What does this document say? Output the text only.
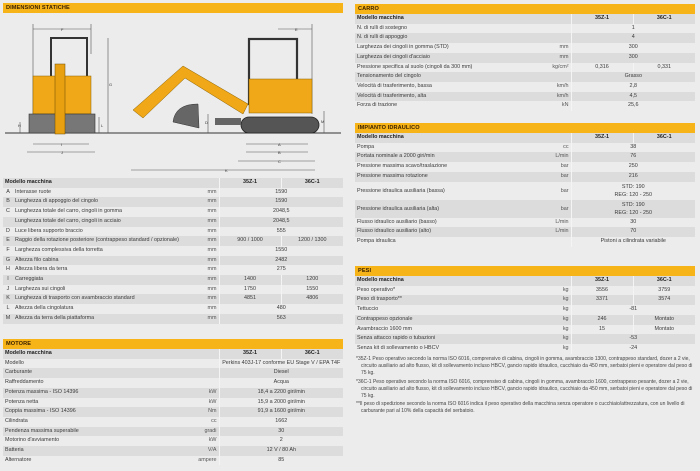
DIMENSIONI STATICHE
F
G
H	L
I
J
E
D	M
A
B
C
K
Modello macchina			35Z-1	36C-1
A	Interasse ruote	mm	1590	
B	Lunghezza di appoggio del cingolo	mm	1590	
C	Lunghezza totale del carro, cingoli in gomma	mm	2048,5	
	Lunghezza totale del carro, cingoli in acciaio	mm	2048,5	
D	Luce libera supporto braccio	mm	555	
E	Raggio della rotazione posteriore (contrappeso standard / opzionale)	mm	900 / 1000	1200 / 1300
F	Larghezza complessiva della torretta	mm	1550	
G	Altezza filo cabina	mm	2482	
H	Altezza libera da terra	mm	275	
I	Carreggiata	mm	1400	1200
J	Larghezza sui cingoli	mm	1750	1550
K	Lunghezza di trasporto con avambraccio standard	mm	4851	4806
L	Altezza della cingolatura	mm	480	
M	Altezza da terra della piattaforma	mm	563	
MOTORE
Modello macchina		35Z-1	36C-1
Modello		Perkins 403J-17 conforme EU Stage V / EPA T4F	
Carburante		Diesel	
Raffreddamento		Acqua	
Potenza massima - ISO 14396	kW	18,4 a 2200 giri/min	
Potenza netta	kW	15,9 a 2000 giri/min	
Coppia massima - ISO 14396	Nm	91,9 a 1600 giri/min	
Cilindrata	cc	1662	
Pendenza massima superabile	gradi	30	
Motorino d'avviamento	kW	2	
Batteria	V/A	12 V / 80 Ah	
Alternatore	ampere	85	
CARRO
Modello macchina		35Z-1	36C-1
N. di rulli di sostegno		1	
N. di rulli di appoggio		4	
Larghezza dei cingoli in gomma (STD)	mm	300	
Larghezza dei cingoli d'acciaio	mm	300	
Pressione specifica al suolo (cingoli da 300 mm)	kg/cm²	0,316	0,331
Tensionamento del cingolo		Grasso	
Velocità di trasferimento, bassa	km/h	2,8	
Velocità di trasferimento, alta	km/h	4,5	
Forza di trazione	kN	25,6	
IMPIANTO IDRAULICO
Modello macchina		35Z-1	36C-1
Pompa	cc	38	
Portata nominale a 2000 giri/min	L/min	76	
Pressione massima scavo/traslazione	bar	250	
Pressione massima rotazione	bar	216	
Pressione idraulica ausiliaria (bassa)	bar	STD: 190
REG: 120 - 250	
Pressione idraulica ausiliaria (alta)	bar	STD: 190
REG: 120 - 250	
Flusso idraulico ausiliario (basso)	L/min	30	
Flusso idraulico ausiliario (alto)	L/min	70	
Pompa idraulica		Pistoni a cilindrata variabile	
PESI
Modello macchina		35Z-1	36C-1
Peso operativo*	kg	3556	3759
Peso di trasporto**	kg	3371	3574
Tettuccio	kg	-81	
Contrappeso opzionale	kg	246	Montato
Avambraccio 1600 mm	kg	15	Montato
Senza attacco rapido o tubazioni	kg	-53	
Senza kit di sollevamento o HBCV	kg	-24	

*35Z-1 Peso operativo secondo la norma ISO 6016, comprensivo di cabina, cingoli in gomma, avambraccio 1300, contrappeso standard, dozer a 2 vie, circuito ausiliario ad alto flusso, kit di sollevamento incluso HBCV, gancio rapido idraulico, cucchiaio da 450 mm, serbatoi pieni e operatore dal peso di 75 kg.

*36C-1 Peso operativo secondo la norma ISO 6016, comprensivo di cabina, cingoli in gomma, avambraccio 1600, contrappeso pesante, dozer a 2 vie, circuito ausiliario ad alto flusso, kit di sollevamento incluso HBCV, gancio rapido idraulico, cucchiaio da 450 mm, serbatoi pieni e operatore dal peso di 75 kg.

**Il peso di spedizione secondo la norma ISO 6016 indica il peso operativo della macchina senza operatore o cucchiaio/attrezzatura, con un livello di carburante pari al 10% della capacità del serbatoio.
